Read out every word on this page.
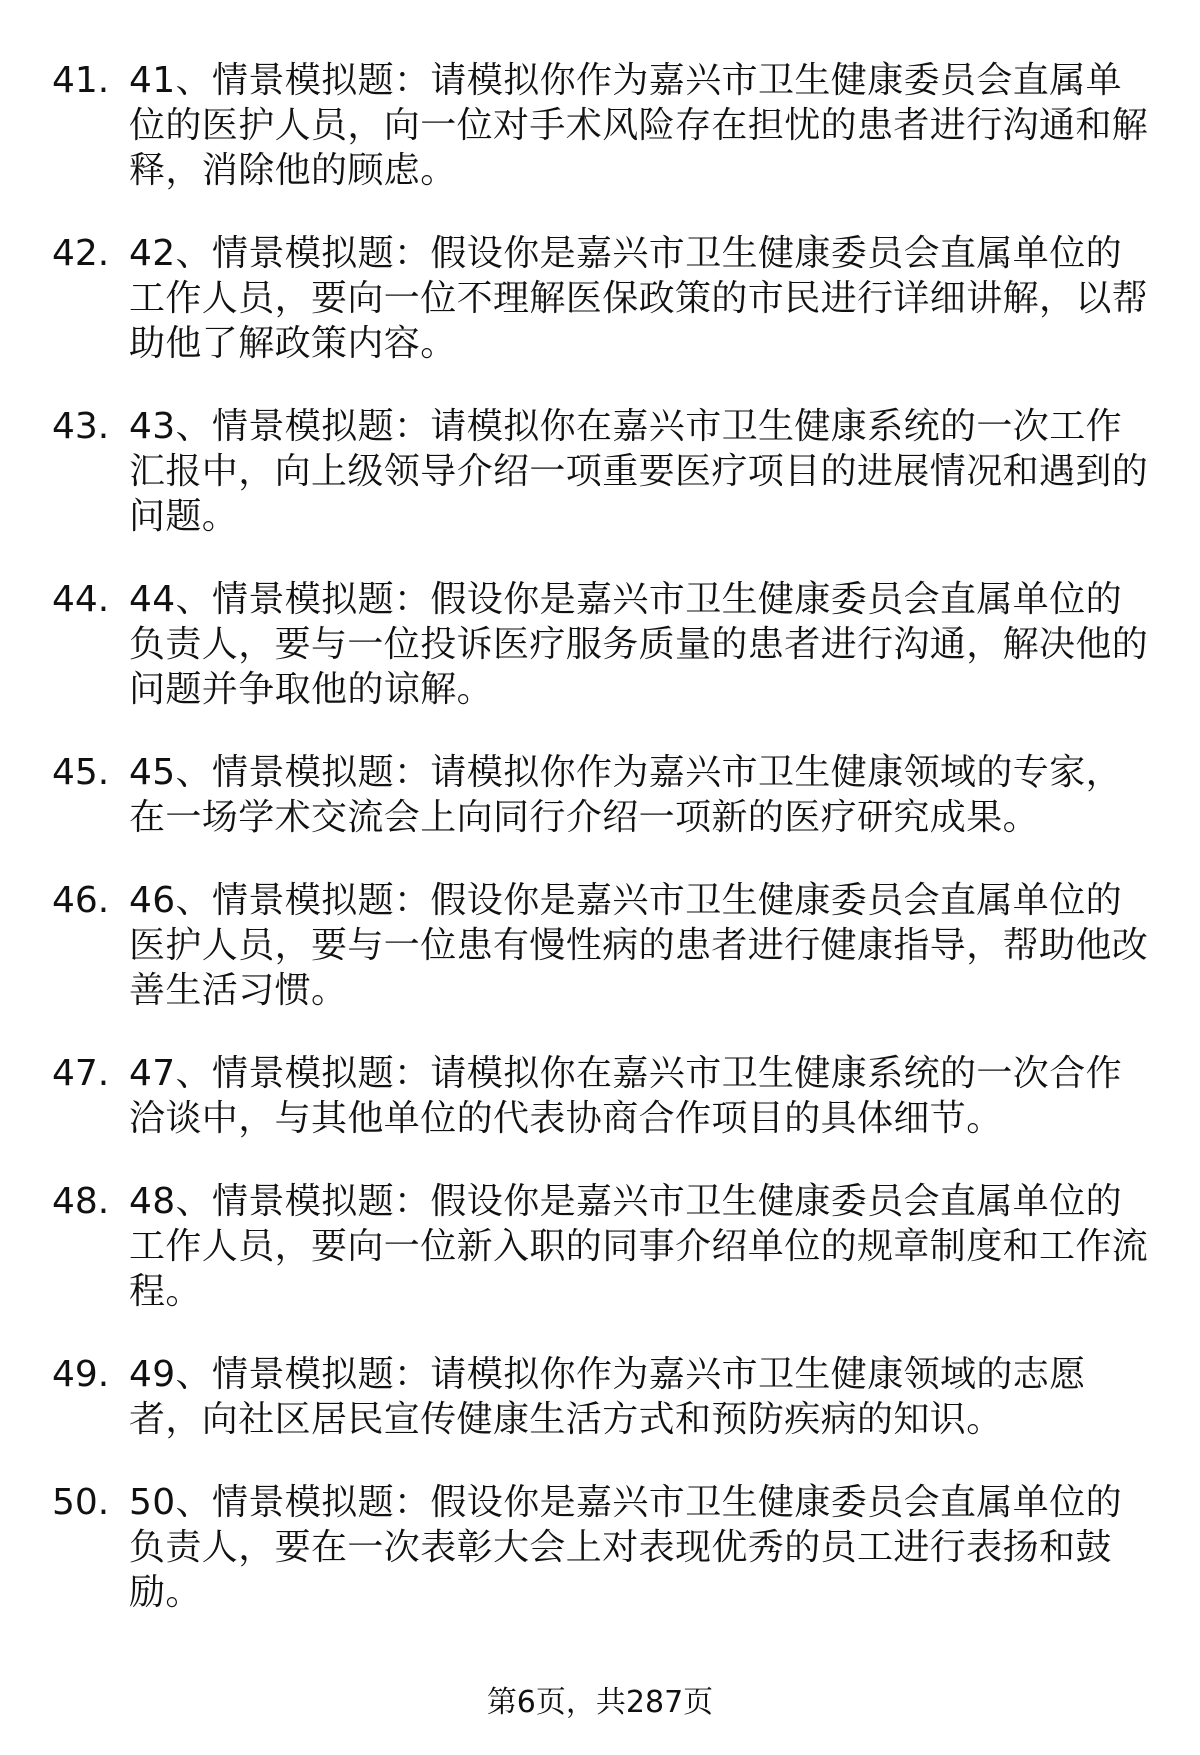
41. 41、情景模拟题：请模拟你作为嘉兴市卫生健康委员会直属单位的医护人员，向一位对手术风险存在担忧的患者进行沟通和解释，消除他的顾虑。
42. 42、情景模拟题：假设你是嘉兴市卫生健康委员会直属单位的工作人员，要向一位不理解医保政策的市民进行详细讲解，以帮助他了解政策内容。
43. 43、情景模拟题：请模拟你在嘉兴市卫生健康系统的一次工作汇报中，向上级领导介绍一项重要医疗项目的进展情况和遇到的问题。
44. 44、情景模拟题：假设你是嘉兴市卫生健康委员会直属单位的负责人，要与一位投诉医疗服务质量的患者进行沟通，解决他的问题并争取他的谅解。
45. 45、情景模拟题：请模拟你作为嘉兴市卫生健康领域的专家，在一场学术交流会上向同行介绍一项新的医疗研究成果。
46. 46、情景模拟题：假设你是嘉兴市卫生健康委员会直属单位的医护人员，要与一位患有慢性病的患者进行健康指导，帮助他改善生活习惯。
47. 47、情景模拟题：请模拟你在嘉兴市卫生健康系统的一次合作洽谈中，与其他单位的代表协商合作项目的具体细节。
48. 48、情景模拟题：假设你是嘉兴市卫生健康委员会直属单位的工作人员，要向一位新入职的同事介绍单位的规章制度和工作流程。
49. 49、情景模拟题：请模拟你作为嘉兴市卫生健康领域的志愿者，向社区居民宣传健康生活方式和预防疾病的知识。
50. 50、情景模拟题：假设你是嘉兴市卫生健康委员会直属单位的负责人，要在一次表彰大会上对表现优秀的员工进行表扬和鼓励。
第6页，共287页
